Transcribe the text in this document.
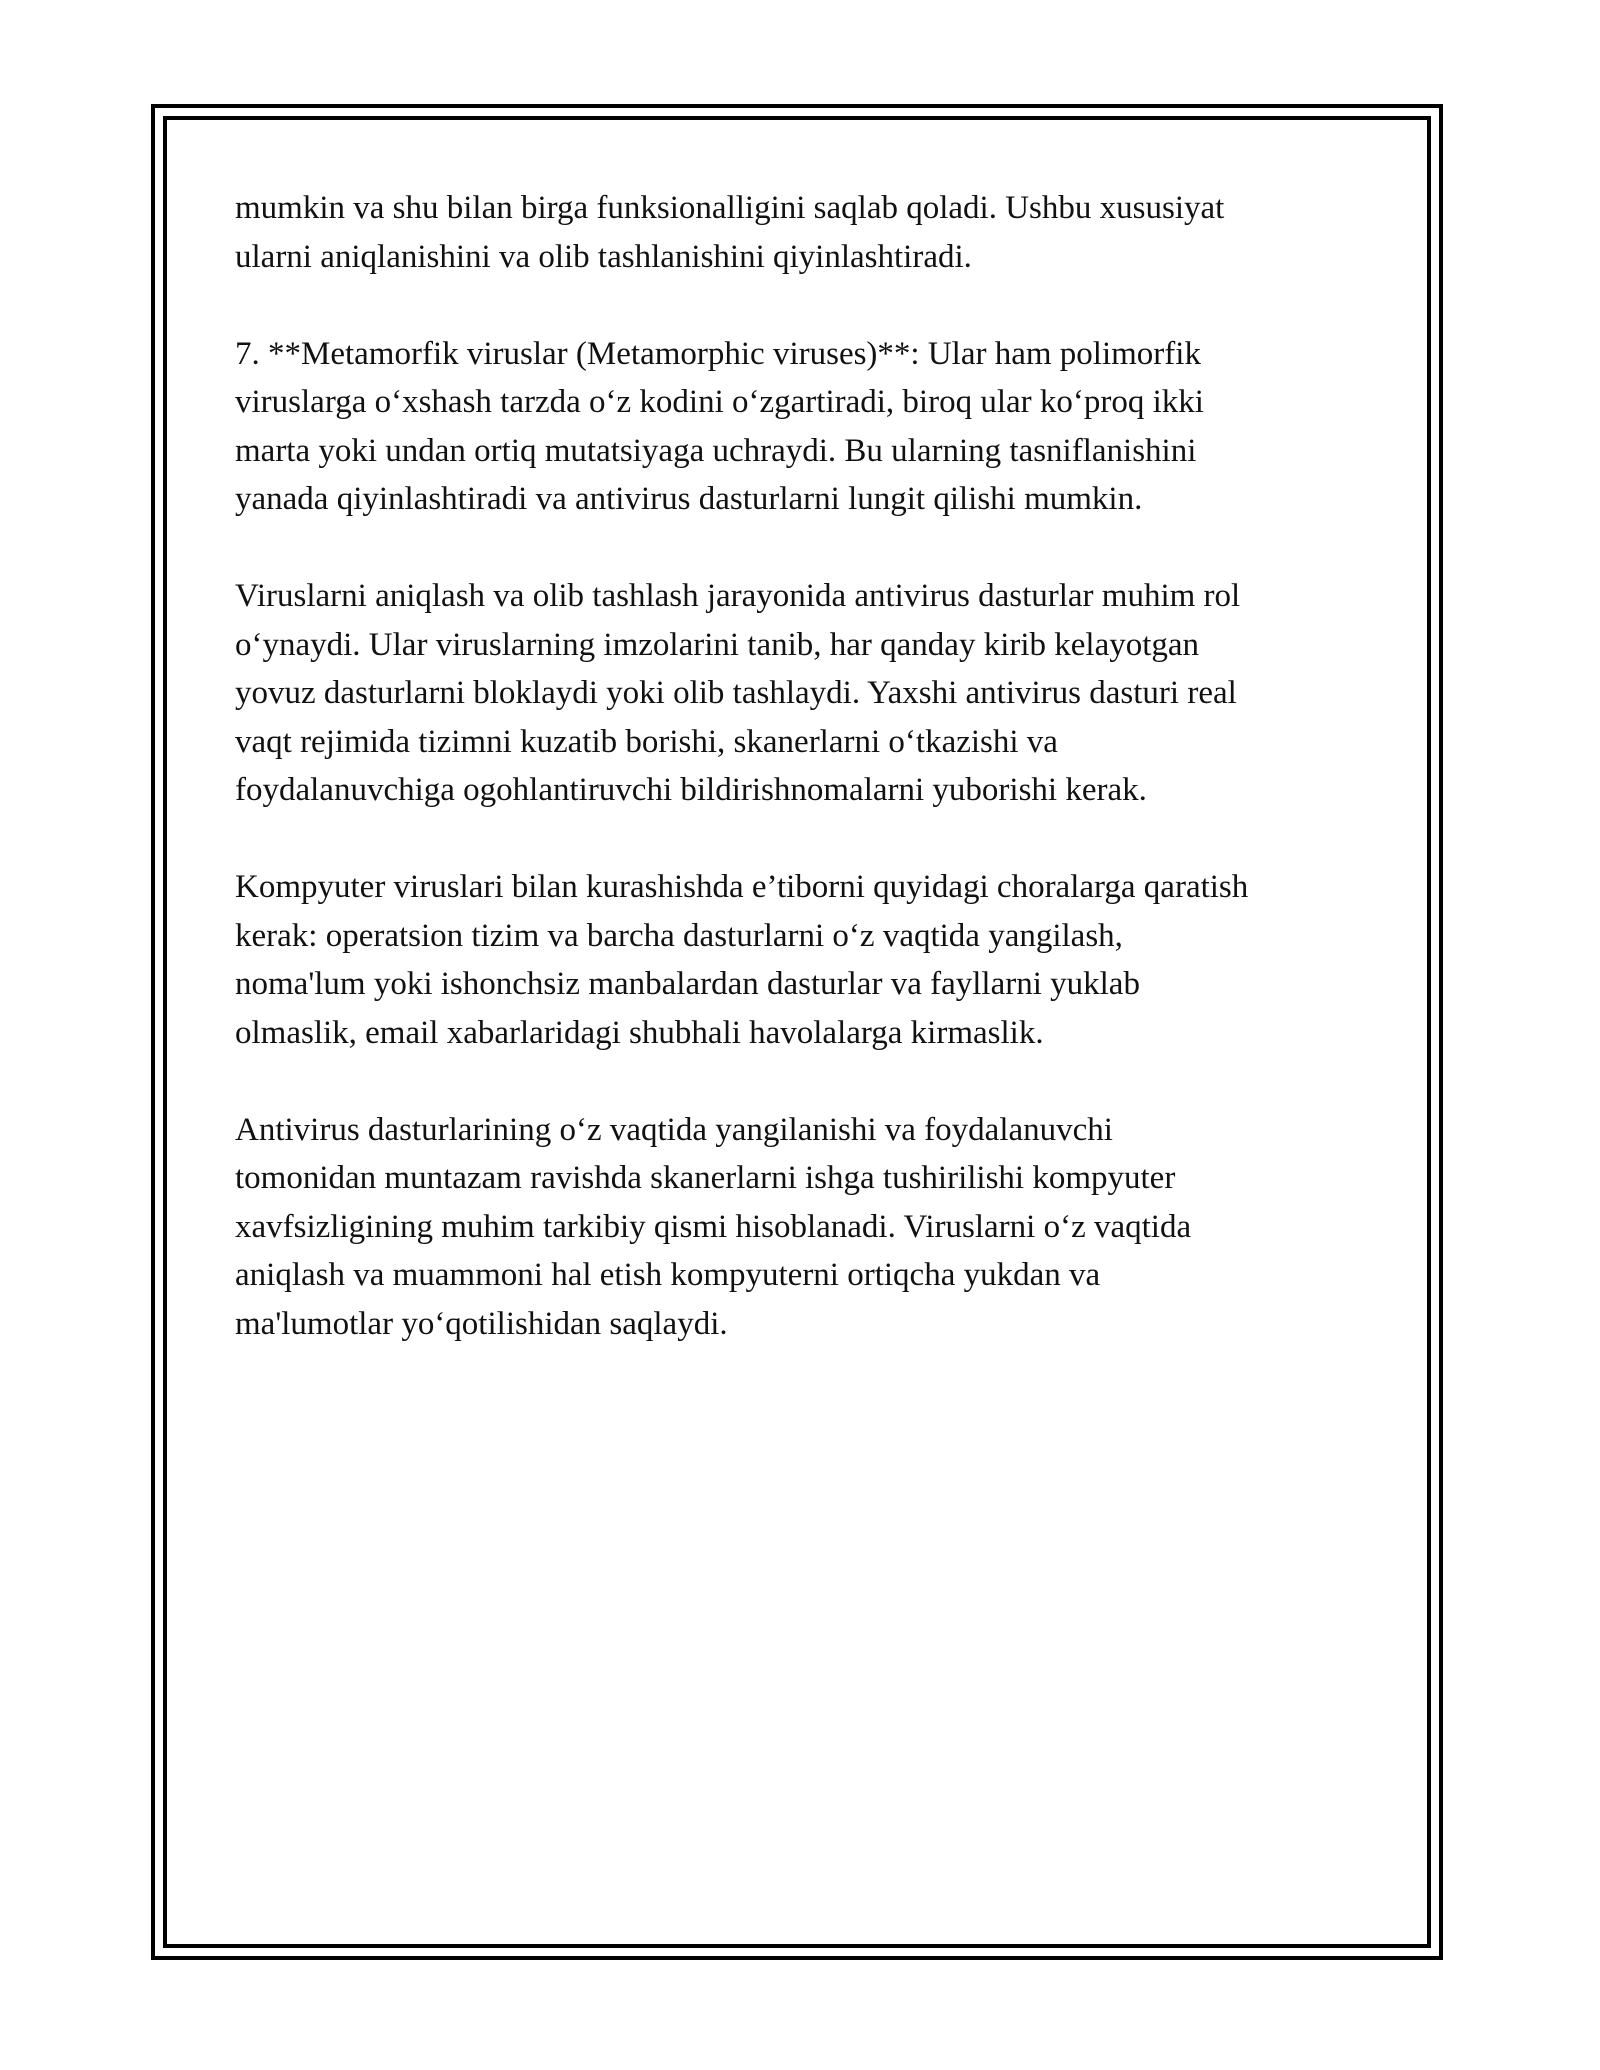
mumkin va shu bilan birga funksionalligini saqlab qoladi. Ushbu xususiyat
ularni aniqlanishini va olib tashlanishini qiyinlashtiradi.

7. **Metamorfik viruslar (Metamorphic viruses)**: Ular ham polimorfik
viruslarga o‘xshash tarzda o‘z kodini o‘zgartiradi, biroq ular ko‘proq ikki
marta yoki undan ortiq mutatsiyaga uchraydi. Bu ularning tasniflanishini
yanada qiyinlashtiradi va antivirus dasturlarni lungit qilishi mumkin.

Viruslarni aniqlash va olib tashlash jarayonida antivirus dasturlar muhim rol
o‘ynaydi. Ular viruslarning imzolarini tanib, har qanday kirib kelayotgan
yovuz dasturlarni bloklaydi yoki olib tashlaydi. Yaxshi antivirus dasturi real
vaqt rejimida tizimni kuzatib borishi, skanerlarni o‘tkazishi va
foydalanuvchiga ogohlantiruvchi bildirishnomalarni yuborishi kerak.

Kompyuter viruslari bilan kurashishda e’tiborni quyidagi choralarga qaratish
kerak: operatsion tizim va barcha dasturlarni o‘z vaqtida yangilash,
noma'lum yoki ishonchsiz manbalardan dasturlar va fayllarni yuklab
olmaslik, email xabarlaridagi shubhali havolalarga kirmaslik.

Antivirus dasturlarining o‘z vaqtida yangilanishi va foydalanuvchi
tomonidan muntazam ravishda skanerlarni ishga tushirilishi kompyuter
xavfsizligining muhim tarkibiy qismi hisoblanadi. Viruslarni o‘z vaqtida
aniqlash va muammoni hal etish kompyuterni ortiqcha yukdan va
ma'lumotlar yo‘qotilishidan saqlaydi.
